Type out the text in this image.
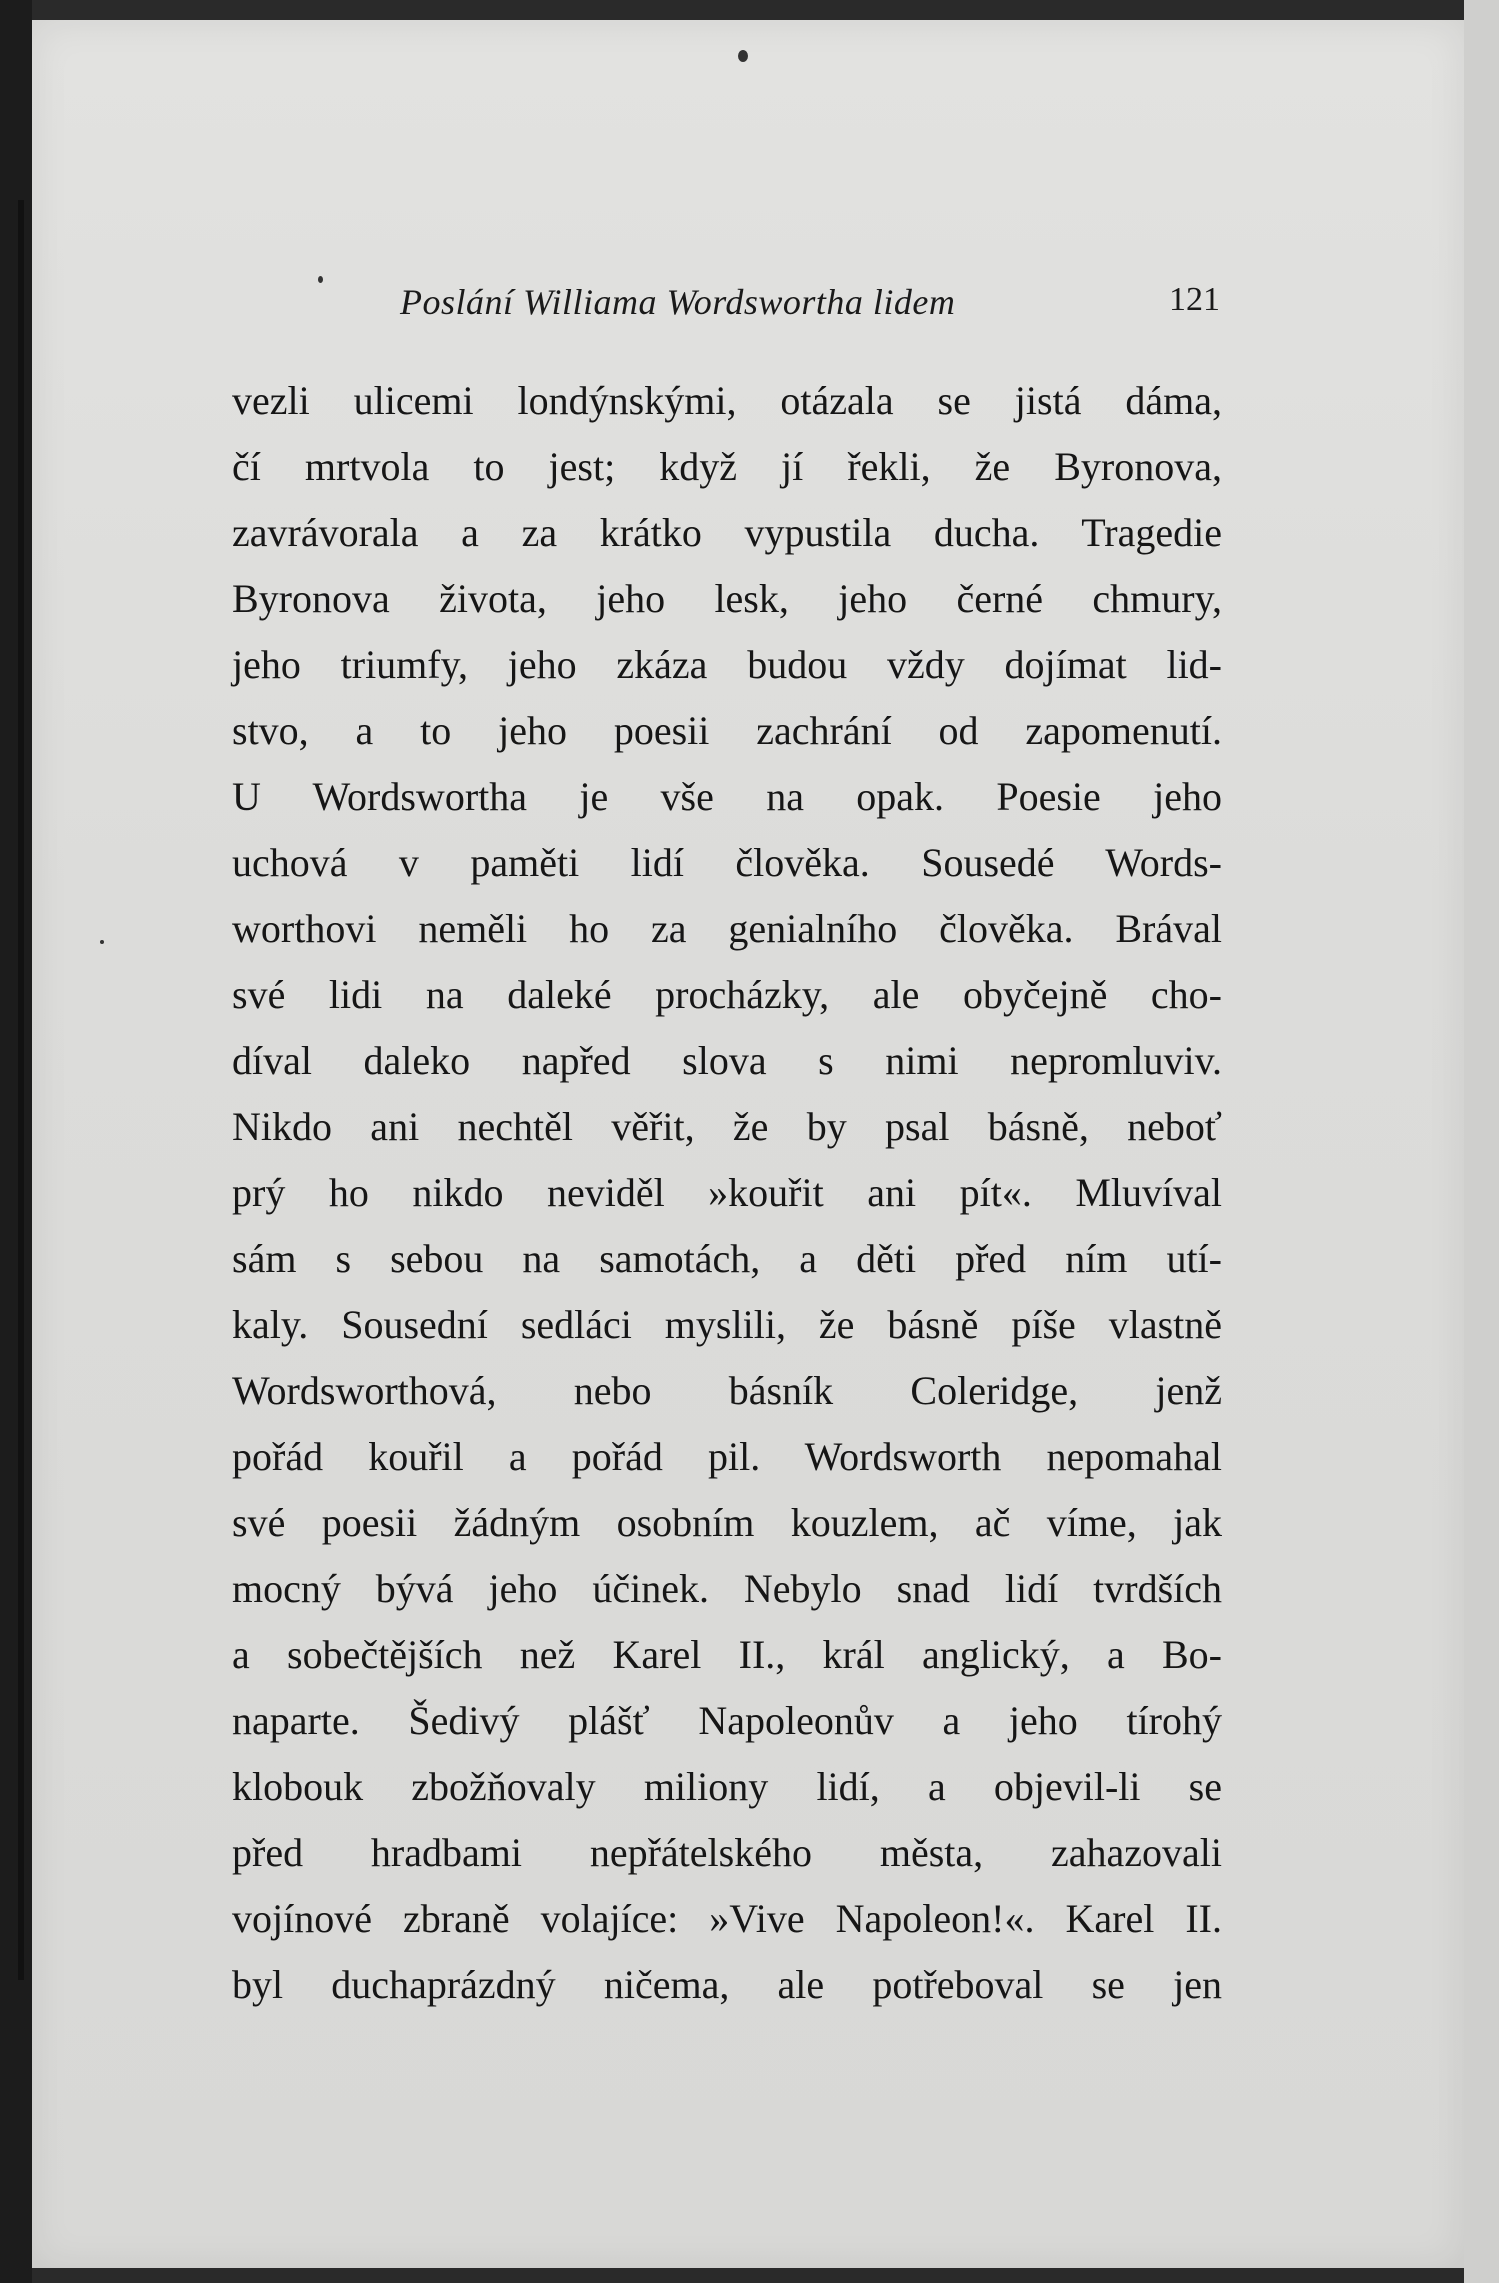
Poslání Williama Wordswortha lidem	121
vezli ulicemi londýnskými, otázala se jistá dáma,
čí mrtvola to jest; když jí řekli, že Byronova,
zavrávorala a za krátko vypustila ducha. Tragedie
Byronova života, jeho lesk, jeho černé chmury,
jeho triumfy, jeho zkáza budou vždy dojímat lid-
stvo, a to jeho poesii zachrání od zapomenutí.
U Wordswortha je vše na opak. Poesie jeho
uchová v paměti lidí člověka. Sousedé Words-
worthovi neměli ho za genialního člověka. Brával
své lidi na daleké procházky, ale obyčejně cho-
díval daleko napřed slova s nimi nepromluviv.
Nikdo ani nechtěl věřit, že by psal básně, neboť
prý ho nikdo neviděl »kouřit ani pít«. Mluvíval
sám s sebou na samotách, a děti před ním utí-
kaly. Sousední sedláci myslili, že básně píše vlastně
Wordsworthová, nebo básník Coleridge, jenž
pořád kouřil a pořád pil. Wordsworth nepomahal
své poesii žádným osobním kouzlem, ač víme, jak
mocný bývá jeho účinek. Nebylo snad lidí tvrdších
a sobečtějších než Karel II., král anglický, a Bo-
naparte. Šedivý plášť Napoleonův a jeho tírohý
klobouk zbožňovaly miliony lidí, a objevil-li se
před hradbami nepřátelského města, zahazovali
vojínové zbraně volajíce: »Vive Napoleon!«. Karel II.
byl duchaprázdný ničema, ale potřeboval se jen
